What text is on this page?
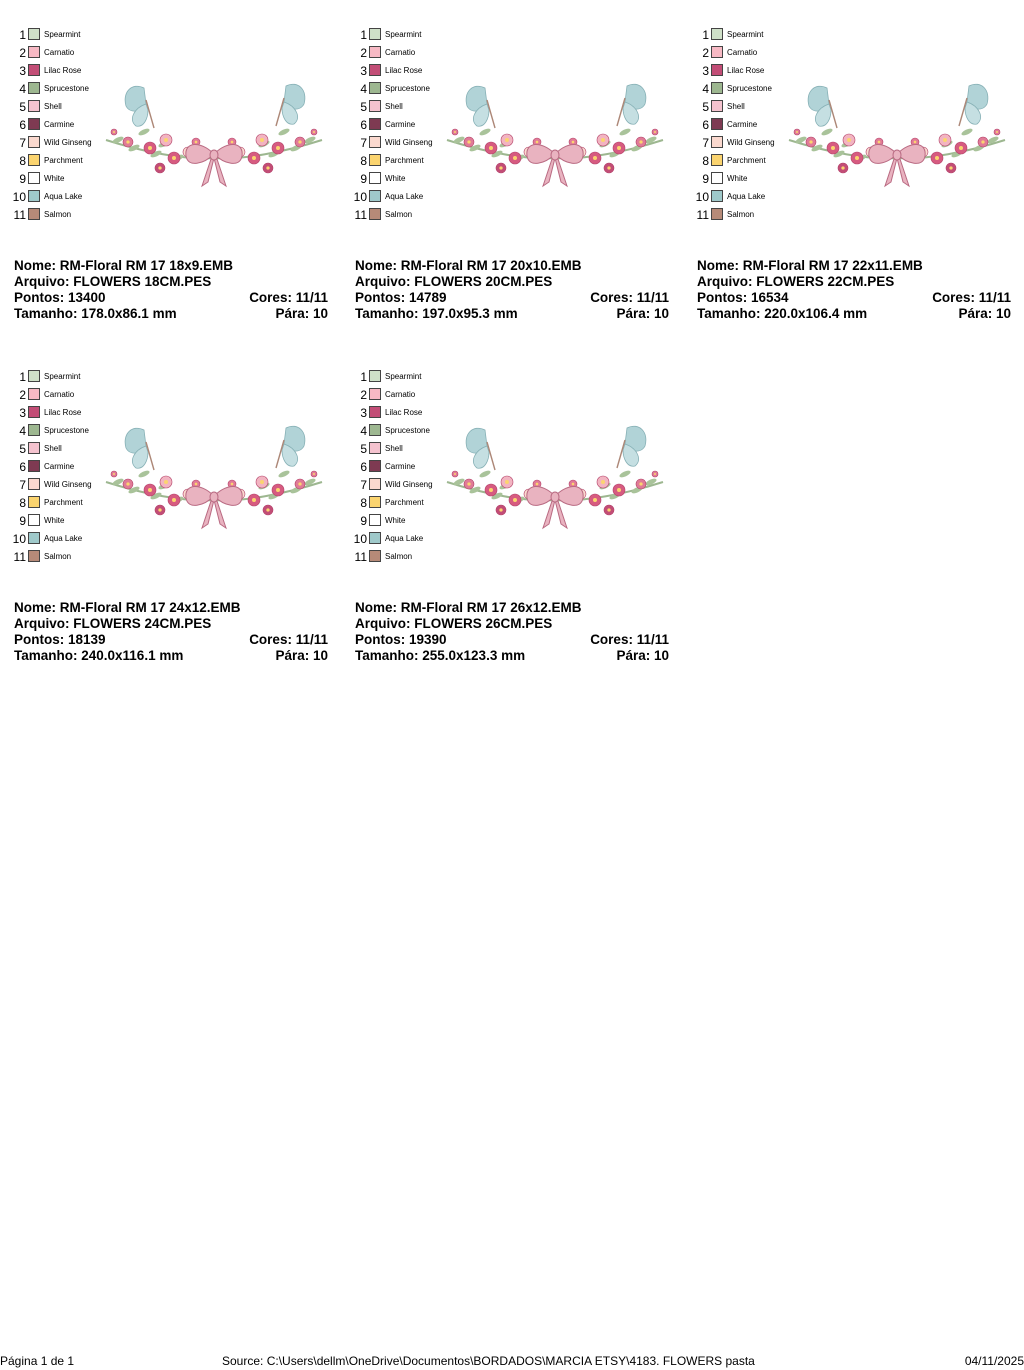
1 Spearmint
2 Carnatio
3 Lilac Rose
4 Sprucestone
5 Shell
6 Carmine
7 Wild Ginseng
8 Parchment
9 White
10 Aqua Lake
11 Salmon
Nome: RM-Floral RM 17 18x9.EMB
Arquivo: FLOWERS 18CM.PES
Pontos: 13400	Cores: 11/11
Tamanho: 178.0x86.1 mm	Pára: 10
1 Spearmint
2 Carnatio
3 Lilac Rose
4 Sprucestone
5 Shell
6 Carmine
7 Wild Ginseng
8 Parchment
9 White
10 Aqua Lake
11 Salmon
Nome: RM-Floral RM 17 20x10.EMB
Arquivo: FLOWERS 20CM.PES
Pontos: 14789	Cores: 11/11
Tamanho: 197.0x95.3 mm	Pára: 10
1 Spearmint
2 Carnatio
3 Lilac Rose
4 Sprucestone
5 Shell
6 Carmine
7 Wild Ginseng
8 Parchment
9 White
10 Aqua Lake
11 Salmon
Nome: RM-Floral RM 17 22x11.EMB
Arquivo: FLOWERS 22CM.PES
Pontos: 16534	Cores: 11/11
Tamanho: 220.0x106.4 mm	Pára: 10
1 Spearmint
2 Carnatio
3 Lilac Rose
4 Sprucestone
5 Shell
6 Carmine
7 Wild Ginseng
8 Parchment
9 White
10 Aqua Lake
11 Salmon
Nome: RM-Floral RM 17 24x12.EMB
Arquivo: FLOWERS 24CM.PES
Pontos: 18139	Cores: 11/11
Tamanho: 240.0x116.1 mm	Pára: 10
1 Spearmint
2 Carnatio
3 Lilac Rose
4 Sprucestone
5 Shell
6 Carmine
7 Wild Ginseng
8 Parchment
9 White
10 Aqua Lake
11 Salmon
Nome: RM-Floral RM 17 26x12.EMB
Arquivo: FLOWERS 26CM.PES
Pontos: 19390	Cores: 11/11
Tamanho: 255.0x123.3 mm	Pára: 10
Página 1 de 1	Source: C:\Users\dellm\OneDrive\Documentos\BORDADOS\MARCIA ETSY\4183. FLOWERS pasta	04/11/2025
